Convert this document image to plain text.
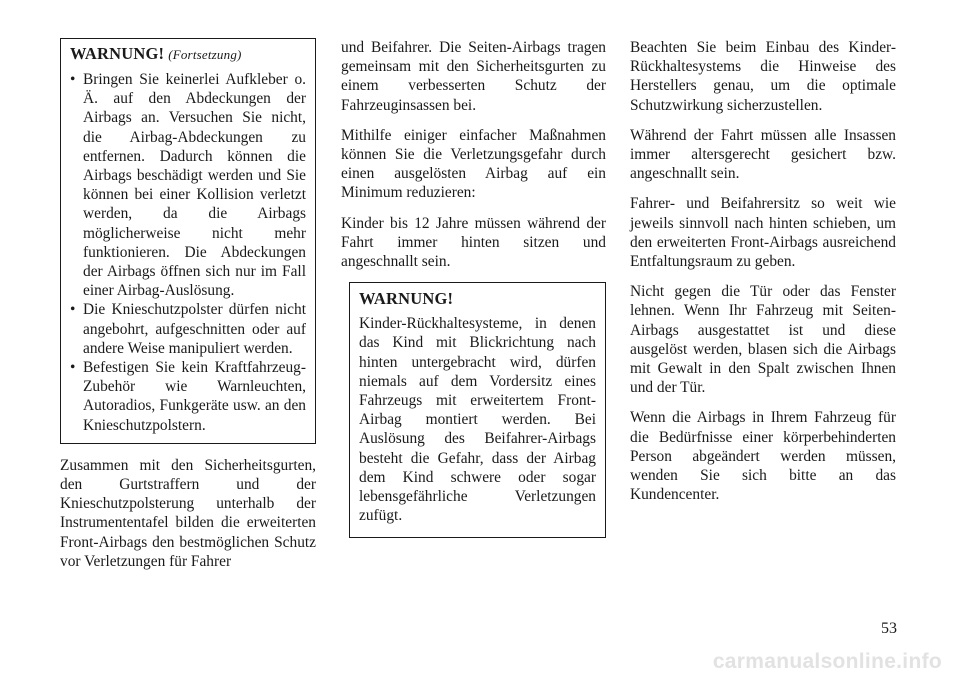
WARNUNG! (Fortsetzung)
• Bringen Sie keinerlei Aufkleber o. Ä. auf den Abdeckungen der Airbags an. Versuchen Sie nicht, die Airbag-Abdeckungen zu entfernen. Dadurch können die Airbags beschädigt werden und Sie können bei einer Kollision verletzt werden, da die Airbags möglicherweise nicht mehr funktionieren. Die Abdeckungen der Airbags öffnen sich nur im Fall einer Airbag-Auslösung.
• Die Knieschutzpolster dürfen nicht angebohrt, aufgeschnitten oder auf andere Weise manipuliert werden.
• Befestigen Sie kein Kraftfahrzeug-Zubehör wie Warnleuchten, Autoradios, Funkgeräte usw. an den Knieschutzpolstern.

Zusammen mit den Sicherheitsgurten, den Gurtstraffern und der Knieschutzpolsterung unterhalb der Instrumententafel bilden die erweiterten Front-Airbags den bestmöglichen Schutz vor Verletzungen für Fahrer

und Beifahrer. Die Seiten-Airbags tragen gemeinsam mit den Sicherheitsgurten zu einem verbesserten Schutz der Fahrzeuginsassen bei.

Mithilfe einiger einfacher Maßnahmen können Sie die Verletzungsgefahr durch einen ausgelösten Airbag auf ein Minimum reduzieren:

Kinder bis 12 Jahre müssen während der Fahrt immer hinten sitzen und angeschnallt sein.

WARNUNG!

Kinder-Rückhaltesysteme, in denen das Kind mit Blickrichtung nach hinten untergebracht wird, dürfen niemals auf dem Vordersitz eines Fahrzeugs mit erweitertem Front-Airbag montiert werden. Bei Auslösung des Beifahrer-Airbags besteht die Gefahr, dass der Airbag dem Kind schwere oder sogar lebensgefährliche Verletzungen zufügt.

Beachten Sie beim Einbau des Kinder-Rückhaltesystems die Hinweise des Herstellers genau, um die optimale Schutzwirkung sicherzustellen.

Während der Fahrt müssen alle Insassen immer altersgerecht gesichert bzw. angeschnallt sein.

Fahrer- und Beifahrersitz so weit wie jeweils sinnvoll nach hinten schieben, um den erweiterten Front-Airbags ausreichend Entfaltungsraum zu geben.

Nicht gegen die Tür oder das Fenster lehnen. Wenn Ihr Fahrzeug mit Seiten-Airbags ausgestattet ist und diese ausgelöst werden, blasen sich die Airbags mit Gewalt in den Spalt zwischen Ihnen und der Tür.

Wenn die Airbags in Ihrem Fahrzeug für die Bedürfnisse einer körperbehinderten Person abgeändert werden müssen, wenden Sie sich bitte an das Kundencenter.

53
carmanualsonline.info
